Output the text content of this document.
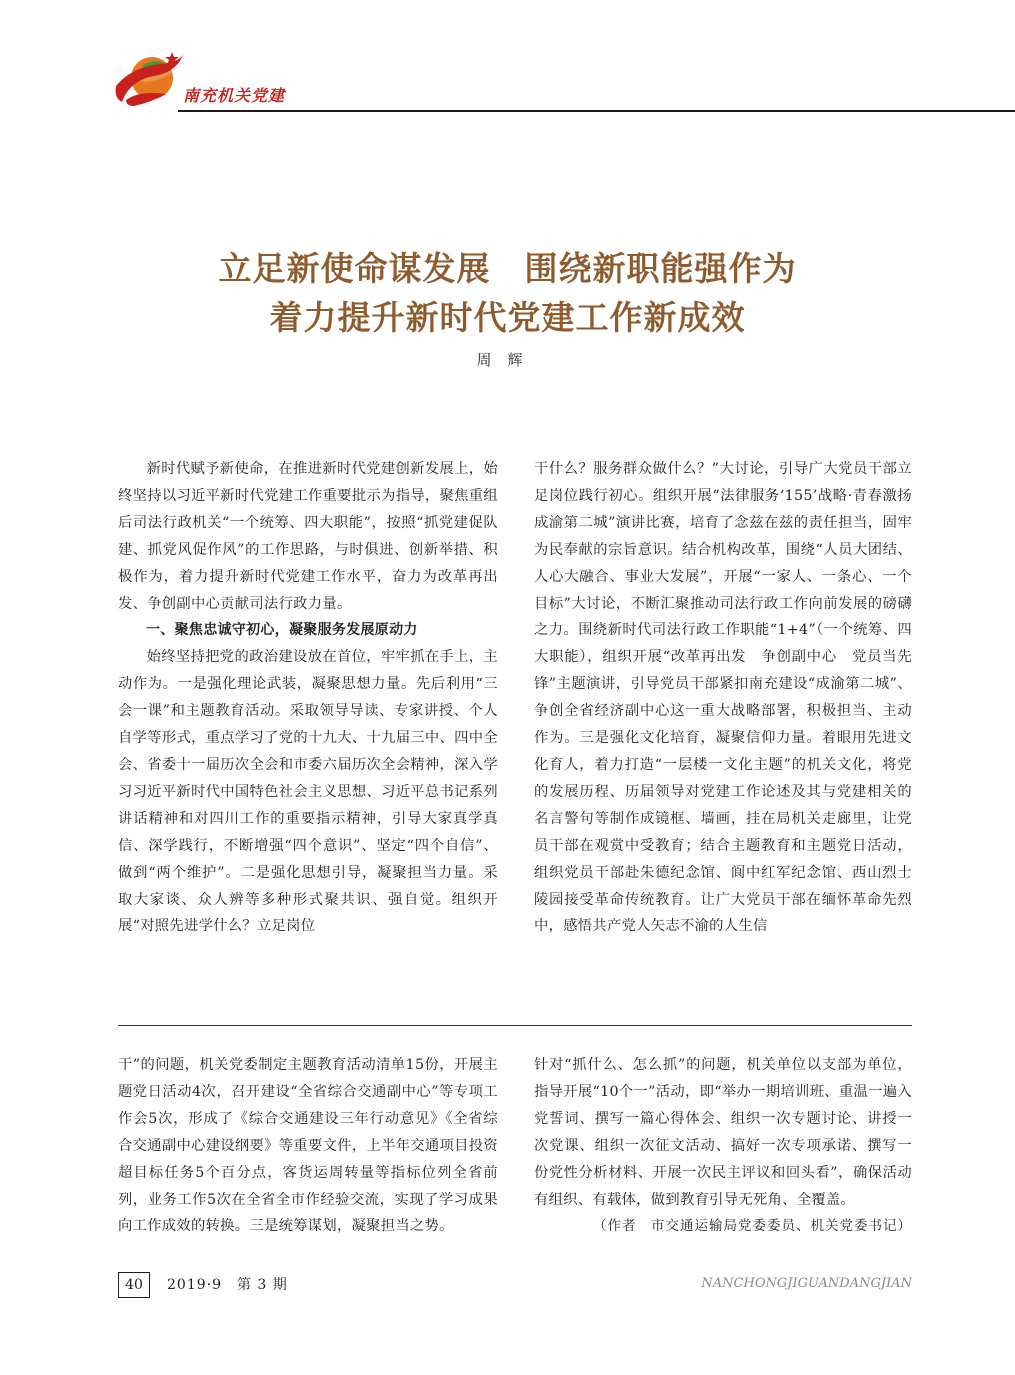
南充机关党建
立足新使命谋发展　围绕新职能强作为
着力提升新时代党建工作新成效
周辉

新时代赋予新使命，在推进新时代党建创新发展上，始终坚持以习近平新时代党建工作重要批示为指导，聚焦重组后司法行政机关“一个统筹、四大职能”，按照“抓党建促队建、抓党风促作风”的工作思路，与时俱进、创新举措、积极作为，着力提升新时代党建工作水平，奋力为改革再出发、争创副中心贡献司法行政力量。

一、聚焦忠诚守初心，凝聚服务发展原动力

始终坚持把党的政治建设放在首位，牢牢抓在手上，主动作为。一是强化理论武装，凝聚思想力量。先后利用“三会一课”和主题教育活动。采取领导导读、专家讲授、个人自学等形式，重点学习了党的十九大、十九届三中、四中全会、省委十一届历次全会和市委六届历次全会精神，深入学习习近平新时代中国特色社会主义思想、习近平总书记系列讲话精神和对四川工作的重要指示精神，引导大家真学真信、深学践行，不断增强“四个意识”、坚定“四个自信”、做到“两个维护”。二是强化思想引导，凝聚担当力量。采取大家谈、众人辨等多种形式聚共识、强自觉。组织开展“对照先进学什么？立足岗位

干什么？服务群众做什么？”大讨论，引导广大党员干部立足岗位践行初心。组织开展“法律服务‘155’战略·青春激扬成渝第二城”演讲比赛，培育了念兹在兹的责任担当，固牢为民奉献的宗旨意识。结合机构改革，围绕“人员大团结、人心大融合、事业大发展”，开展“一家人、一条心、一个目标”大讨论，不断汇聚推动司法行政工作向前发展的磅礴之力。围绕新时代司法行政工作职能“1+4”（一个统筹、四大职能），组织开展“改革再出发　争创副中心　党员当先锋”主题演讲，引导党员干部紧扣南充建设“成渝第二城”、争创全省经济副中心这一重大战略部署，积极担当、主动作为。三是强化文化培育，凝聚信仰力量。着眼用先进文化育人，着力打造“一层楼一文化主题”的机关文化，将党的发展历程、历届领导对党建工作论述及其与党建相关的名言警句等制作成镜框、墙画，挂在局机关走廊里，让党员干部在观赏中受教育；结合主题教育和主题党日活动，组织党员干部赴朱德纪念馆、阆中红军纪念馆、西山烈士陵园接受革命传统教育。让广大党员干部在缅怀革命先烈中，感悟共产党人矢志不渝的人生信

干”的问题，机关党委制定主题教育活动清单15份，开展主题党日活动4次，召开建设“全省综合交通副中心”等专项工作会5次，形成了《综合交通建设三年行动意见》《全省综合交通副中心建设纲要》等重要文件，上半年交通项目投资超目标任务5个百分点，客货运周转量等指标位列全省前列，业务工作5次在全省全市作经验交流，实现了学习成果向工作成效的转换。三是统筹谋划，凝聚担当之势。

针对“抓什么、怎么抓”的问题，机关单位以支部为单位，指导开展“10个一”活动，即“举办一期培训班、重温一遍入党誓词、撰写一篇心得体会、组织一次专题讨论、讲授一次党课、组织一次征文活动、搞好一次专项承诺、撰写一份党性分析材料、开展一次民主评议和回头看”，确保活动有组织、有载体，做到教育引导无死角、全覆盖。

（作者　市交通运输局党委委员、机关党委书记）

40	2019·9　第 3 期	NANCHONGJIGUANDANGJIAN
